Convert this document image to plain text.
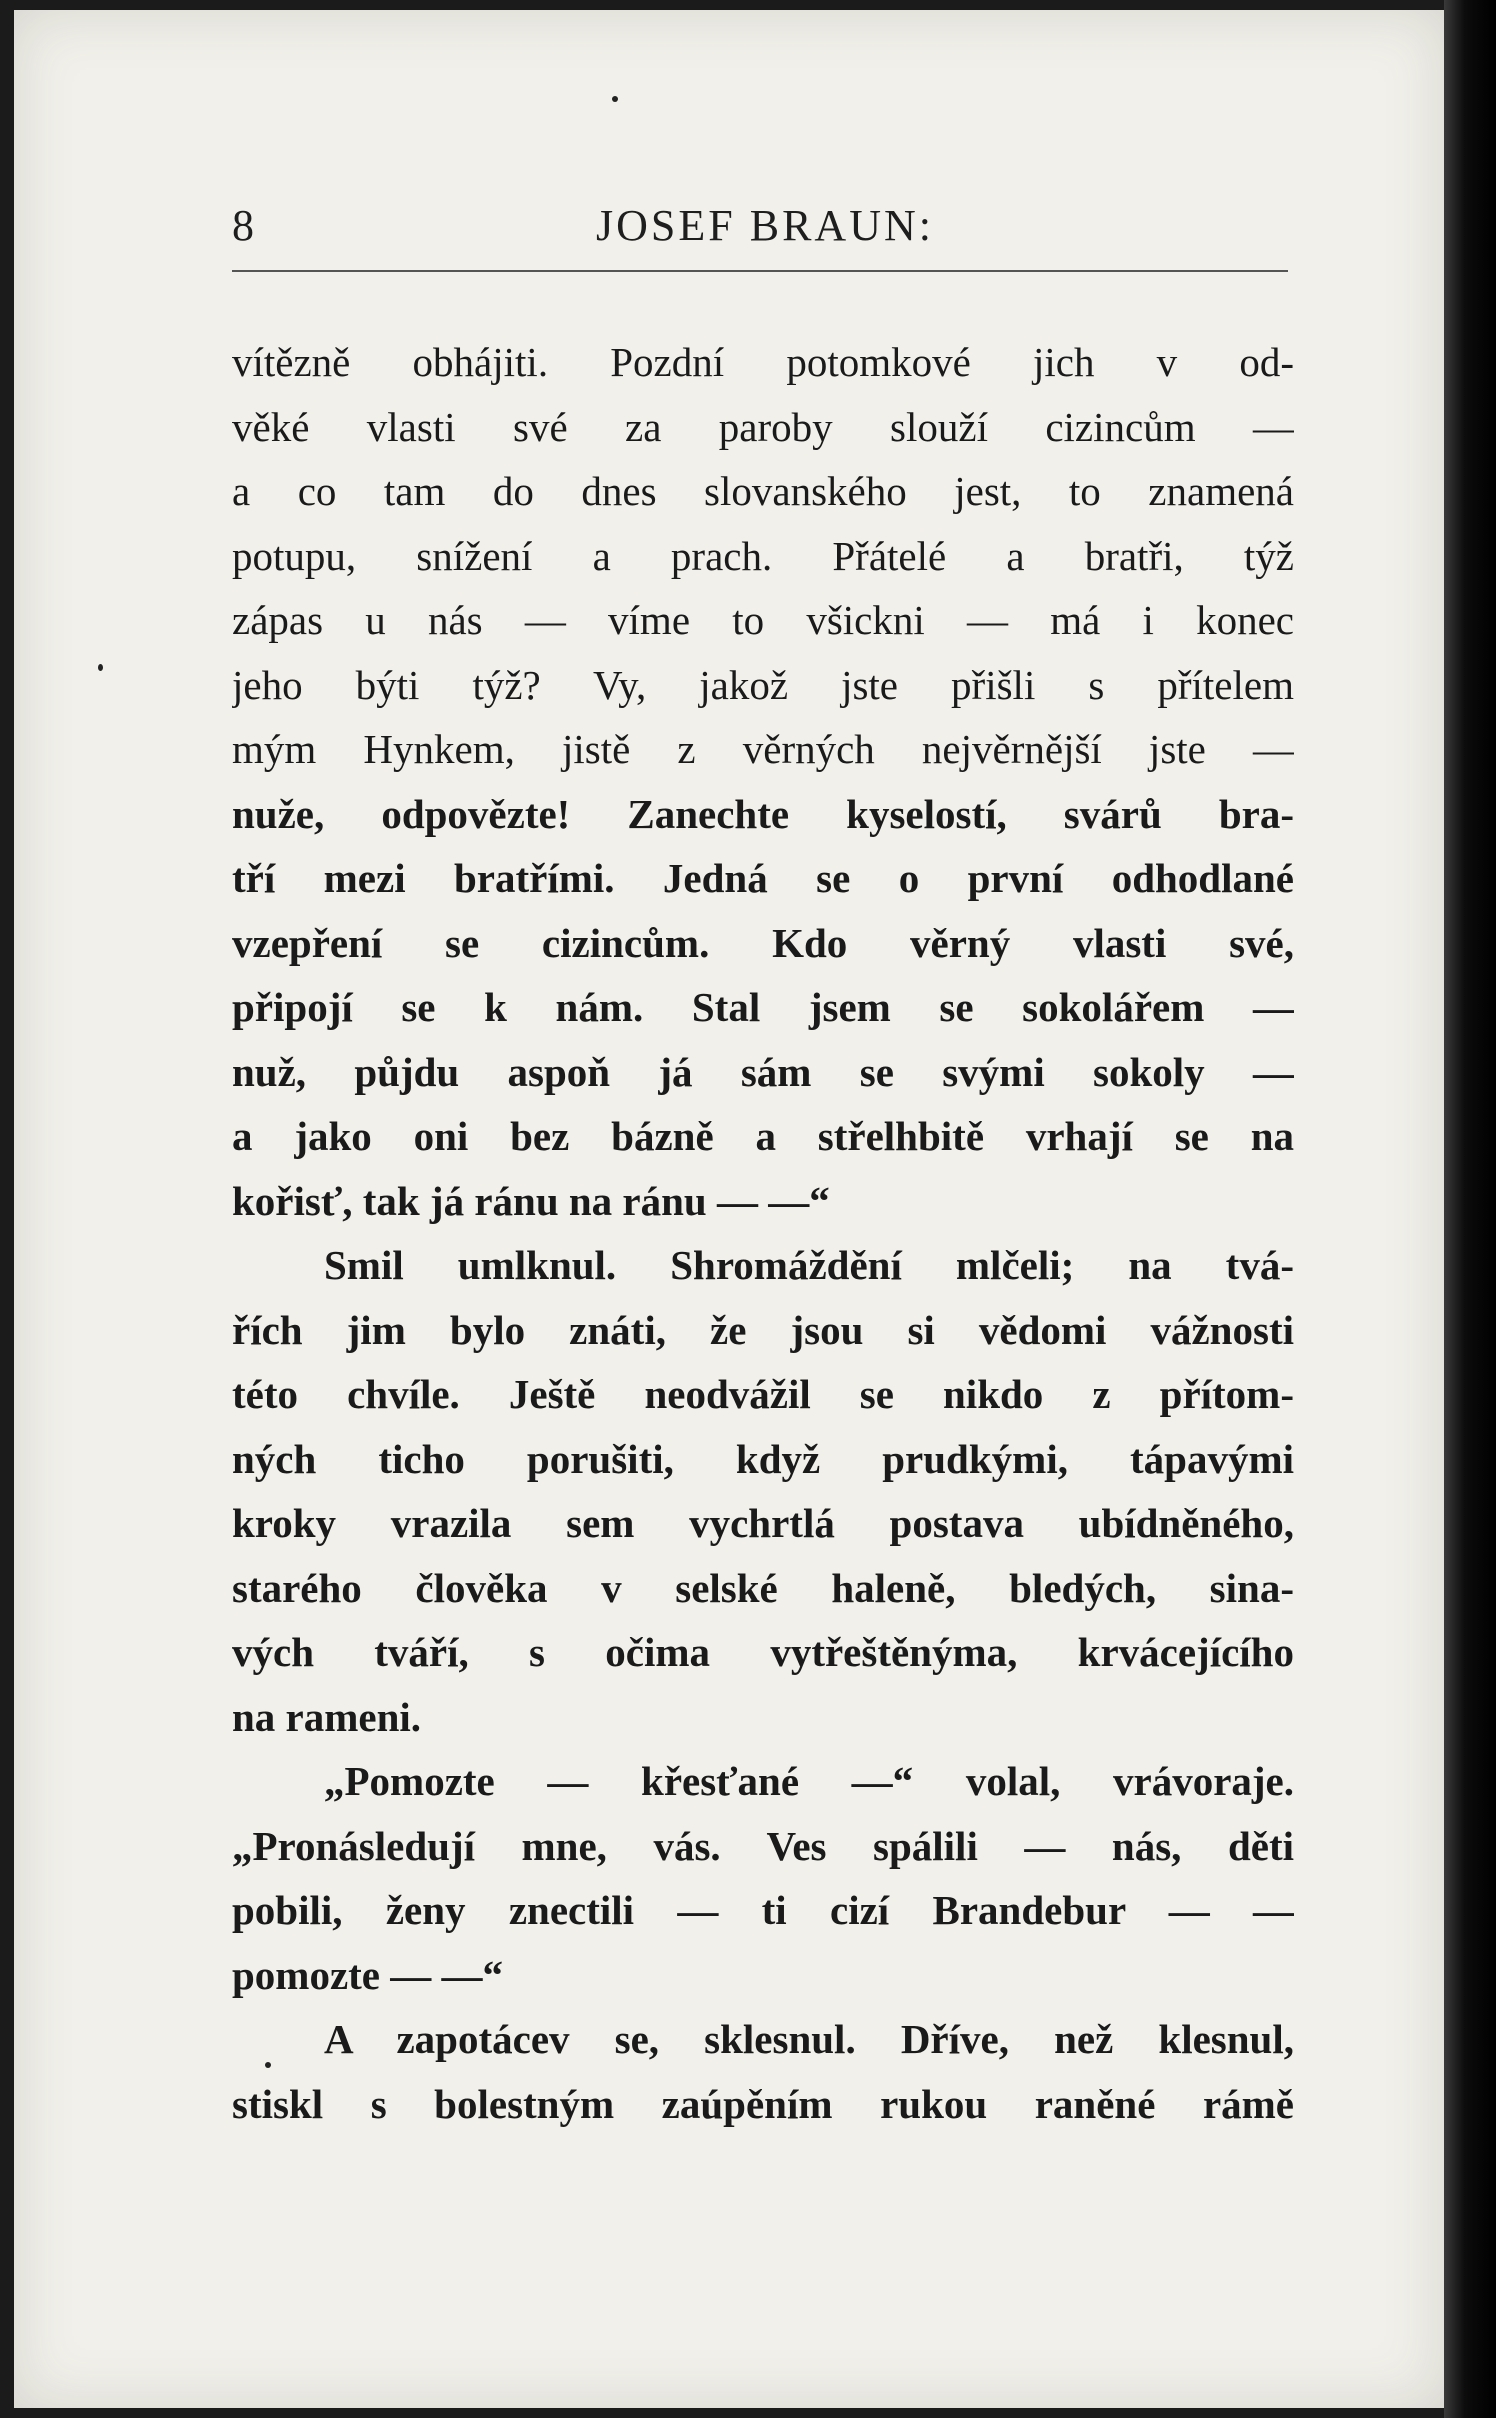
8	JOSEF BRAUN:
vítězně obhájiti. Pozdní potomkové jich v od-
věké vlasti své za paroby slouží cizincům —
a co tam do dnes slovanského jest, to znamená
potupu, snížení a prach. Přátelé a bratři, týž
zápas u nás — víme to všickni — má i konec
jeho býti týž? Vy, jakož jste přišli s přítelem
mým Hynkem, jistě z věrných nejvěrnější jste —
nuže, odpovězte! Zanechte kyselostí, svárů bra-
tří mezi bratřími. Jedná se o první odhodlané
vzepření se cizincům. Kdo věrný vlasti své,
připojí se k nám. Stal jsem se sokolářem —
nuž, půjdu aspoň já sám se svými sokoly —
a jako oni bez bázně a střelhbitě vrhají se na
kořisť, tak já ránu na ránu — —“
Smil umlknul. Shromáždění mlčeli; na tvá-
řích jim bylo znáti, že jsou si vědomi vážnosti
této chvíle. Ještě neodvážil se nikdo z přítom-
ných ticho porušiti, když prudkými, tápavými
kroky vrazila sem vychrtlá postava ubídněného,
starého člověka v selské haleně, bledých, sina-
vých tváří, s očima vytřeštěnýma, krvácejícího
na rameni.
„Pomozte — křesťané —“ volal, vrávoraje.
„Pronásledují mne, vás. Ves spálili — nás, děti
pobili, ženy znectili — ti cizí Brandebur — —
pomozte — —“
A zapotácev se, sklesnul. Dříve, než klesnul,
stiskl s bolestným zaúpěním rukou raněné rámě
